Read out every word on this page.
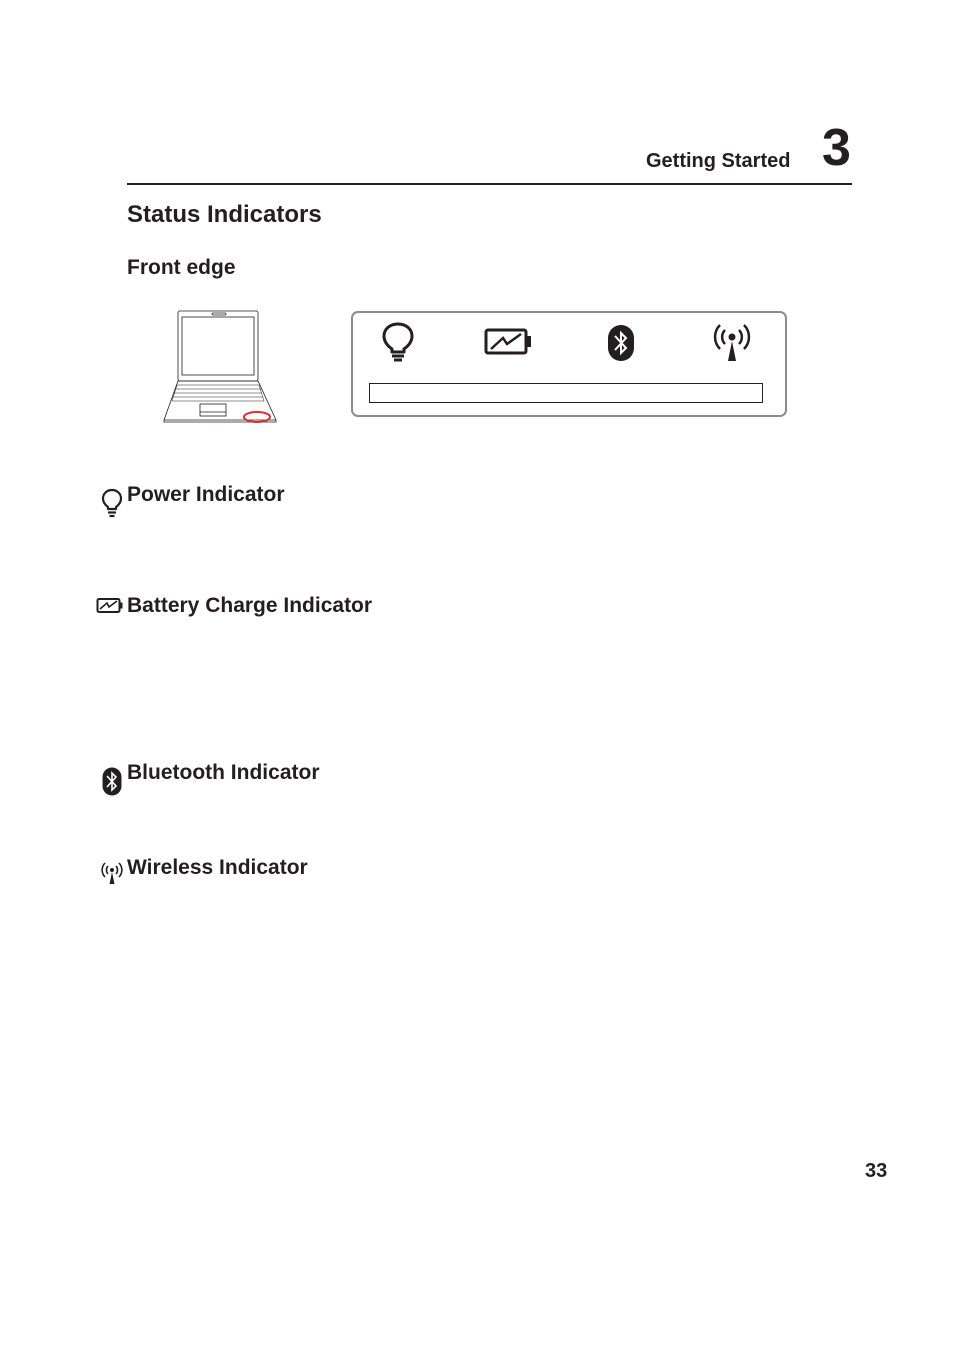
Getting Started 3
Status Indicators
Front edge
Power Indicator
Battery Charge Indicator
Bluetooth Indicator
Wireless Indicator
33
